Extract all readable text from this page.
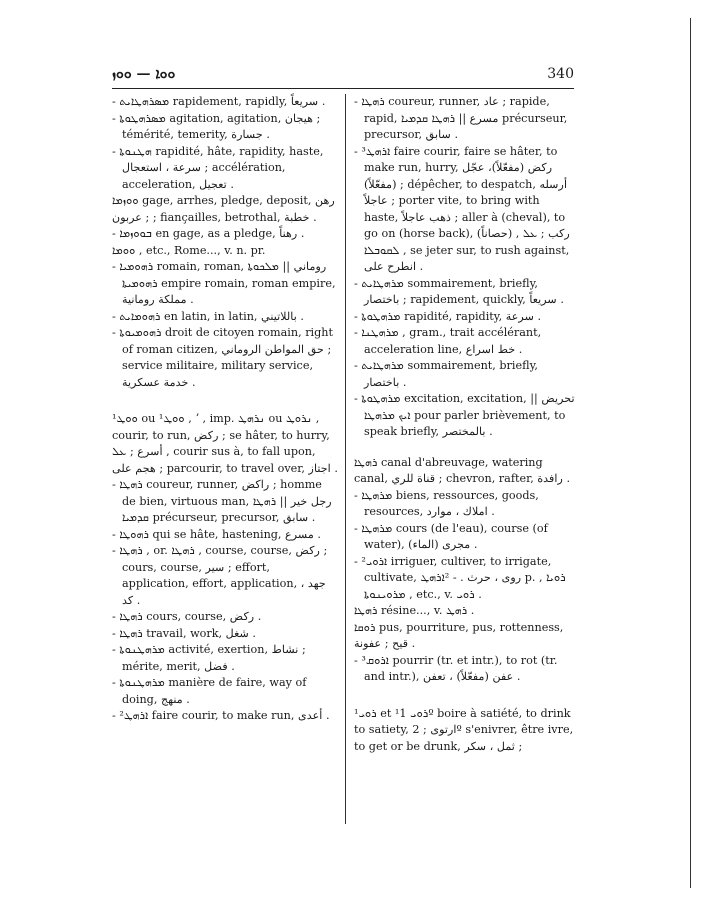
ܘܘܐ — ܘܘܙ	340

- ܡܣܪܗܛܐܝܬ rapidement, rapidly, سريعاً .

- ܡܣܪܗܛܘܬܐ agitation, agitation, هيجان ; témérité, temerity, جسارة .

- ܗܛܢܘܬܐ rapidité, hâte, rapidity, haste, سرعة ، استعجال ; accélération, acceleration, تعجيل .

ܘܘܙܡܐ gage, arrhes, pledge, deposit, رهن ; عربون ; fiançailles, betrothal, خطبة .

- ܒܘܘܙܡܐ en gage, as a pledge, رهناً .

ܘܘܡܐ , etc., Rome..., v. n. pr.

- ܪܗܘܡܝܐ romain, roman, روماني || ܡܠܟܘܬܐ ܪܗܘܡܝܬܐ empire romain, roman empire, مملكة رومانية .

- ܪܗܘܡܐܝܬ en latin, in latin, باللاتيني .

- ܪܗܘܡܝܘܬܐ droit de citoyen romain, right of roman citizen, حق المواطن الروماني ; service militaire, military service, خدمة عسكرية .

¹ܘܘܛ ou ¹ܘܘܛ , ʼ , imp. ܢܪܗܛ ou ܢܪܘܛ , courir, to run, ركض ; se hâter, to hurry, أسرع ; ܥܠ , courir sus à, to fall upon, هجم على ; parcourir, to travel over, اجتاز .

- ܪܗܛܐ coureur, runner, راكض ; homme de bien, virtuous man, رجل خير || ܪܗܛܐ ܩܕܡܝܐ précurseur, precursor, سابق .

- ܪܗܘܛܐ qui se hâte, hastening, مسرع .

- ܪܗܛܐ , or. ܪܗܛܐ , course, course, ركض ; cours, course, سير ; effort, application, effort, application, جهد ، كد .

- ܪܗܛܐ cours, course, ركض .

- ܪܗܛܐ travail, work, شغل .

- ܡܪܗܛܢܘܬܐ activité, exertion, نشاط ; mérite, merit, فضل .

- ܡܪܗܛܢܘܬܐ manière de faire, way of doing, منهج .

- ²ܐܪܗܛ faire courir, to make run, أعدى .

- ܪܗܛܐ coureur, runner, عاد ; rapide, rapid, مسرع || ܪܗܛܐ ܩܕܡܝܐ précurseur, precursor, سابق .

- ³ܐܪܗܛ faire courir, faire se hâter, to make run, hurry, ركض (مفعّلاً)، عجّل (مفعّلاً) ; dépêcher, to despatch, أرسله عاجلاً ; porter vite, to bring with haste, ذهب عاجلاً ; aller à (cheval), to go on (horse back), (حصاناً) ركب ; ܥܠ , ܠܩܘܒܠܐ , se jeter sur, to rush against, انطرح على .

- ܡܪܗܛܐܝܬ sommairement, briefly, باختصار ; rapidement, quickly, سريعاً .

- ܡܪܗܛܘܬܐ rapidité, rapidity, سرعة .

- ܡܪܗܛܢܐ , gram., trait accélérant, acceleration line, خط اسراع .

- ܡܪܗܛܐܝܬ sommairement, briefly, باختصار .

- ܡܪܗܛܘܬܐ excitation, excitation, تحريض || ܐܝܟ ܡܪܗܛܐ pour parler brièvement, to speak briefly, بالمختصر .

ܪܗܛܐ canal d'abreuvage, watering canal, قناة للري ; chevron, rafter, رافدة .

- ܡܪܗܛܐ biens, ressources, goods, resources, املاك ، موارد .

- ܡܪܗܛܐ cours (de l'eau), course (of water), (الماء) مجرى .

- ²ܐܪܘܝ irriguer, cultiver, to irrigate, cultivate, روى ، حرث . - ²ܐܪܗܛ p. ܪܘܝܐ , ܡܪܘܝܢܘܬܐ , etc., v. ܪܘܝ .

ܪܗܛܐ résine..., v. ܪܗܛ .

ܪܘܩܐ pus, pourriture, pus, rottenness, قيح ; عفونة .

- ³ܐܪܘܩ pourrir (tr. et intr.), to rot (tr. and intr.), عفن (مفعّلاً) ، تعفن .

¹ܪܘܝ et ¹ܪܘܝ 1º boire à satiété, to drink to satiety, ارتوى ; 2º s'enivrer, être ivre, to get or be drunk, ثمل ، سكر ;
